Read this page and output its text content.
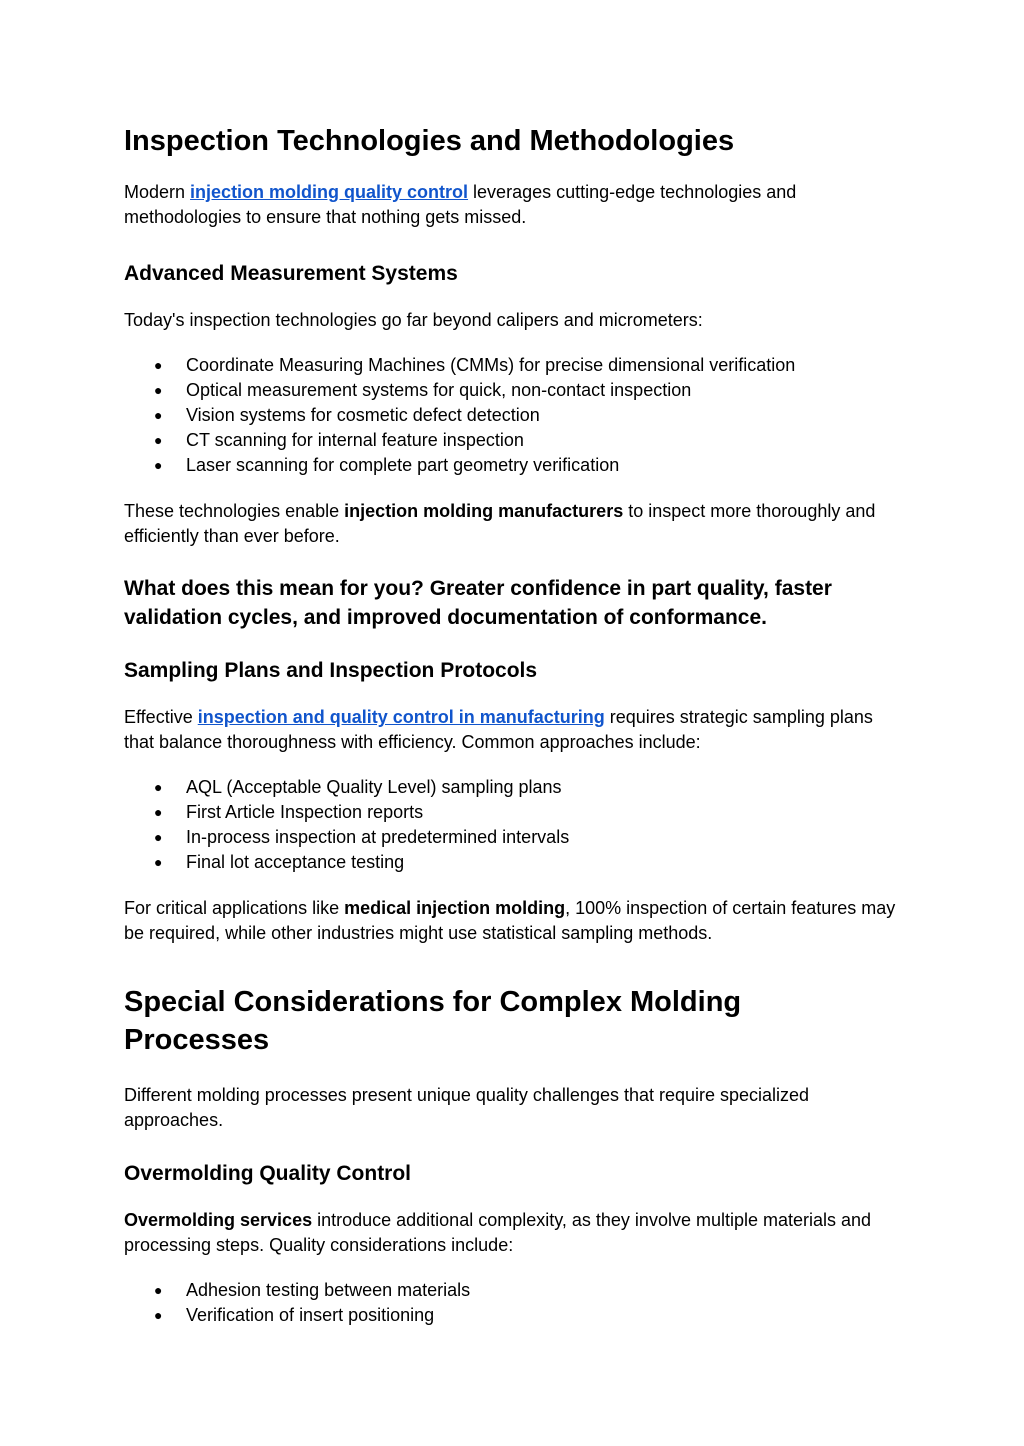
Inspection Technologies and Methodologies

Modern injection molding quality control leverages cutting-edge technologies and methodologies to ensure that nothing gets missed.

Advanced Measurement Systems

Today's inspection technologies go far beyond calipers and micrometers:

● Coordinate Measuring Machines (CMMs) for precise dimensional verification
● Optical measurement systems for quick, non-contact inspection
● Vision systems for cosmetic defect detection
● CT scanning for internal feature inspection
● Laser scanning for complete part geometry verification

These technologies enable injection molding manufacturers to inspect more thoroughly and efficiently than ever before.

What does this mean for you? Greater confidence in part quality, faster validation cycles, and improved documentation of conformance.
Sampling Plans and Inspection Protocols

Effective inspection and quality control in manufacturing requires strategic sampling plans that balance thoroughness with efficiency. Common approaches include:

● AQL (Acceptable Quality Level) sampling plans
● First Article Inspection reports
● In-process inspection at predetermined intervals
● Final lot acceptance testing

For critical applications like medical injection molding, 100% inspection of certain features may be required, while other industries might use statistical sampling methods.

Special Considerations for Complex Molding Processes

Different molding processes present unique quality challenges that require specialized approaches.

Overmolding Quality Control

Overmolding services introduce additional complexity, as they involve multiple materials and processing steps. Quality considerations include:

● Adhesion testing between materials
● Verification of insert positioning
